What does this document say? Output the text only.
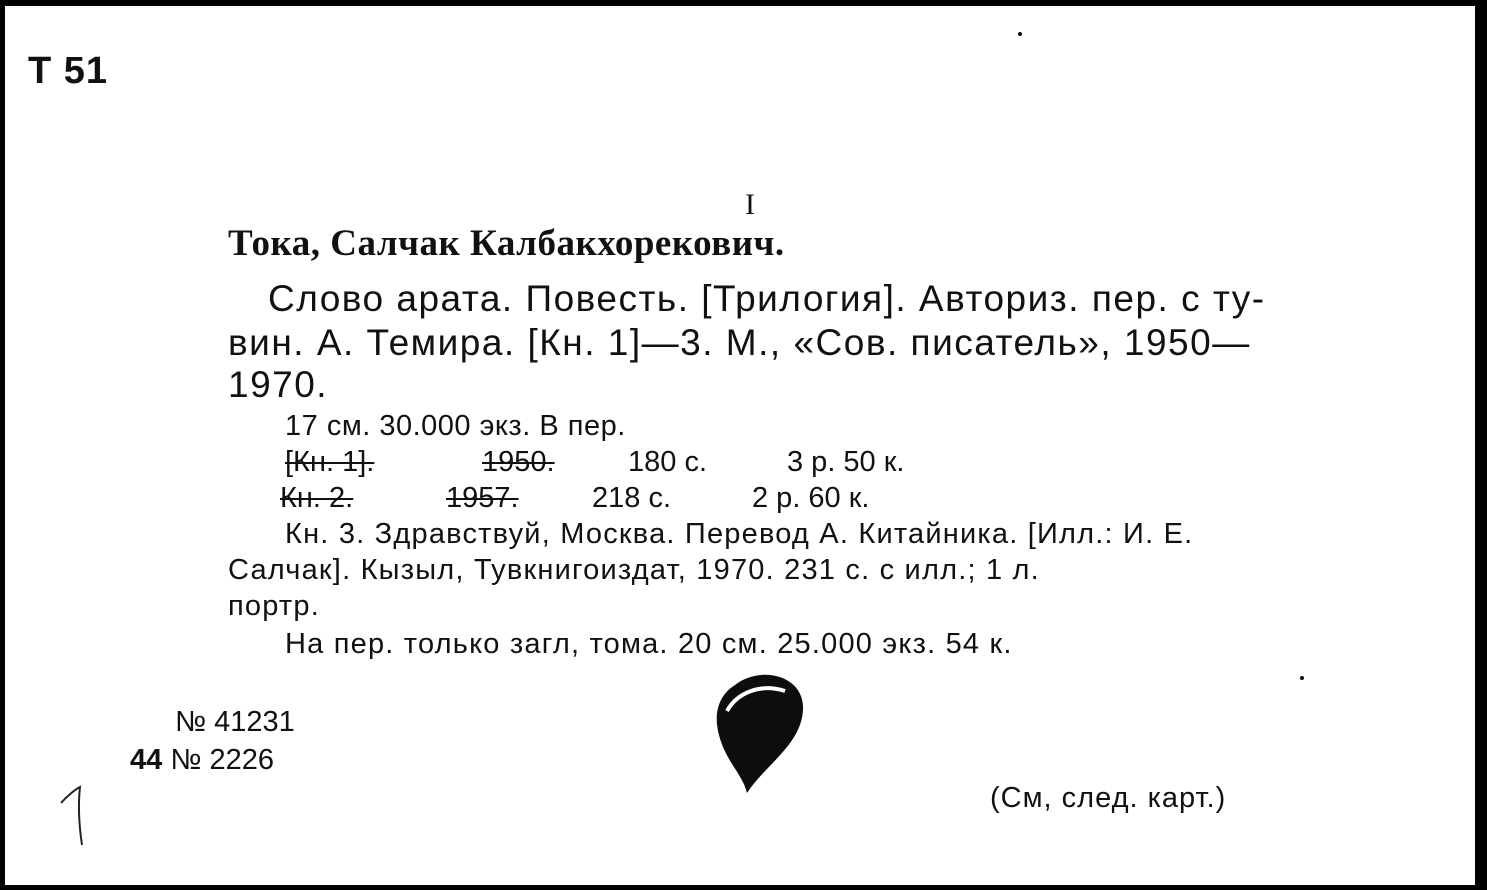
Т 51
I
Тока, Салчак Калбакхорекович.
Слово арата. Повесть. [Трилогия]. Авториз. пер. с ту-
вин. А. Темира. [Кн. 1]—3. М., «Сов. писатель», 1950—
1970.
17 см. 30.000 экз. В пер.
[Кн. 1].	1950.	180 с.	3 р. 50 к.
Кн. 2.	1957.	218 с.	2 р. 60 к.
Кн. 3. Здравствуй, Москва. Перевод А. Китайника. [Илл.: И. Е.
Салчак]. Кызыл, Тувкнигоиздат, 1970. 231 с. с илл.; 1 л.
портр.
На пер. только загл, тома. 20 см. 25.000 экз. 54 к.
№ 41231
44 № 2226
(См, след. карт.)
